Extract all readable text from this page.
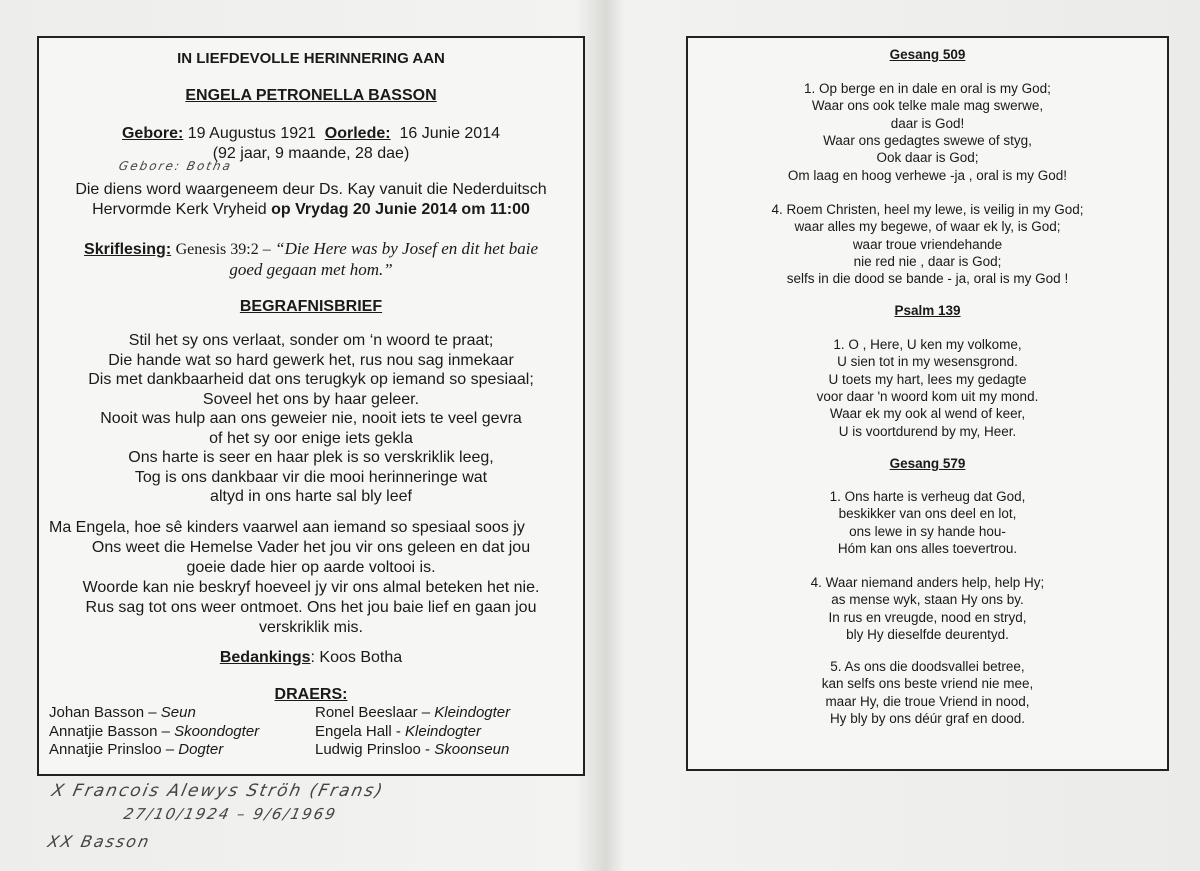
IN LIEFDEVOLLE HERINNERING AAN
ENGELA PETRONELLA BASSON
Gebore: 19 Augustus 1921 Oorlede: 16 Junie 2014
(92 jaar, 9 maande, 28 dae)
Gebore: Botha
Die diens word waargeneem deur Ds. Kay vanuit die Nederduitsch
Hervormde Kerk Vryheid op Vrydag 20 Junie 2014 om 11:00
Skriflesing: Genesis 39:2 – “Die Here was by Josef en dit het baie
goed gegaan met hom.”
BEGRAFNISBRIEF
Stil het sy ons verlaat, sonder om ‘n woord te praat;
Die hande wat so hard gewerk het, rus nou sag inmekaar
Dis met dankbaarheid dat ons terugkyk op iemand so spesiaal;
Soveel het ons by haar geleer.
Nooit was hulp aan ons geweier nie, nooit iets te veel gevra
of het sy oor enige iets gekla
Ons harte is seer en haar plek is so verskriklik leeg,
Tog is ons dankbaar vir die mooi herinneringe wat
altyd in ons harte sal bly leef
Ma Engela, hoe sê kinders vaarwel aan iemand so spesiaal soos jy
Ons weet die Hemelse Vader het jou vir ons geleen en dat jou
goeie dade hier op aarde voltooi is.
Woorde kan nie beskryf hoeveel jy vir ons almal beteken het nie.
Rus sag tot ons weer ontmoet. Ons het jou baie lief en gaan jou
verskriklik mis.
Bedankings: Koos Botha
DRAERS:
Johan Basson – Seun
Annatjie Basson – Skoondogter
Annatjie Prinsloo – Dogter
Ronel Beeslaar – Kleindogter
Engela Hall - Kleindogter
Ludwig Prinsloo - Skoonseun
X Francois Alewys Ströh (Frans)
27/10/1924 – 9/6/1969
XX Basson
Gesang 509
1. Op berge en in dale en oral is my God;
Waar ons ook telke male mag swerwe,
daar is God!
Waar ons gedagtes swewe of styg,
Ook daar is God;
Om laag en hoog verhewe -ja , oral is my God!
4. Roem Christen, heel my lewe, is veilig in my God;
waar alles my begewe, of waar ek ly, is God;
waar troue vriendehande
nie red nie , daar is God;
selfs in die dood se bande - ja, oral is my God !
Psalm 139
1. O , Here, U ken my volkome,
U sien tot in my wesensgrond.
U toets my hart, lees my gedagte
voor daar 'n woord kom uit my mond.
Waar ek my ook al wend of keer,
U is voortdurend by my, Heer.
Gesang 579
1. Ons harte is verheug dat God,
beskikker van ons deel en lot,
ons lewe in sy hande hou-
Hóm kan ons alles toevertrou.
4. Waar niemand anders help, help Hy;
as mense wyk, staan Hy ons by.
In rus en vreugde, nood en stryd,
bly Hy dieselfde deurentyd.
5. As ons die doodsvallei betree,
kan selfs ons beste vriend nie mee,
maar Hy, die troue Vriend in nood,
Hy bly by ons déúr graf en dood.
